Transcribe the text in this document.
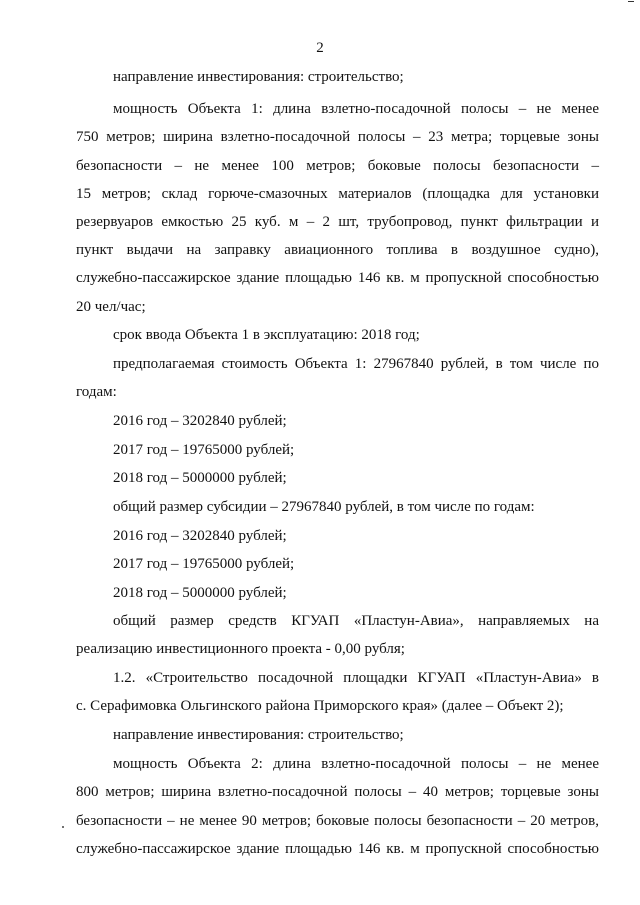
2
направление инвестирования: строительство;
мощность Объекта 1: длина взлетно-посадочной полосы – не менее
750 метров; ширина взлетно-посадочной полосы – 23 метра; торцевые зоны
безопасности – не менее 100 метров; боковые полосы безопасности –
15 метров; склад горюче-смазочных материалов (площадка для установки
резервуаров емкостью 25 куб. м – 2 шт, трубопровод, пункт фильтрации и
пункт выдачи на заправку авиационного топлива в воздушное судно),
служебно-пассажирское здание площадью 146 кв. м пропускной способностью
20 чел/час;
срок ввода Объекта 1 в эксплуатацию: 2018 год;
предполагаемая стоимость Объекта 1: 27967840 рублей, в том числе по
годам:
2016 год – 3202840 рублей;
2017 год – 19765000 рублей;
2018 год – 5000000 рублей;
общий размер субсидии – 27967840 рублей, в том числе по годам:
2016 год – 3202840 рублей;
2017 год – 19765000 рублей;
2018 год – 5000000 рублей;
общий размер средств КГУАП «Пластун-Авиа», направляемых на
реализацию инвестиционного проекта - 0,00 рубля;
1.2. «Строительство посадочной площадки КГУАП «Пластун-Авиа» в
с. Серафимовка Ольгинского района Приморского края» (далее – Объект 2);
направление инвестирования: строительство;
мощность Объекта 2: длина взлетно-посадочной полосы – не менее
800 метров; ширина взлетно-посадочной полосы – 40 метров; торцевые зоны
безопасности – не менее 90 метров; боковые полосы безопасности – 20 метров,
служебно-пассажирское здание площадью 146 кв. м пропускной способностью
